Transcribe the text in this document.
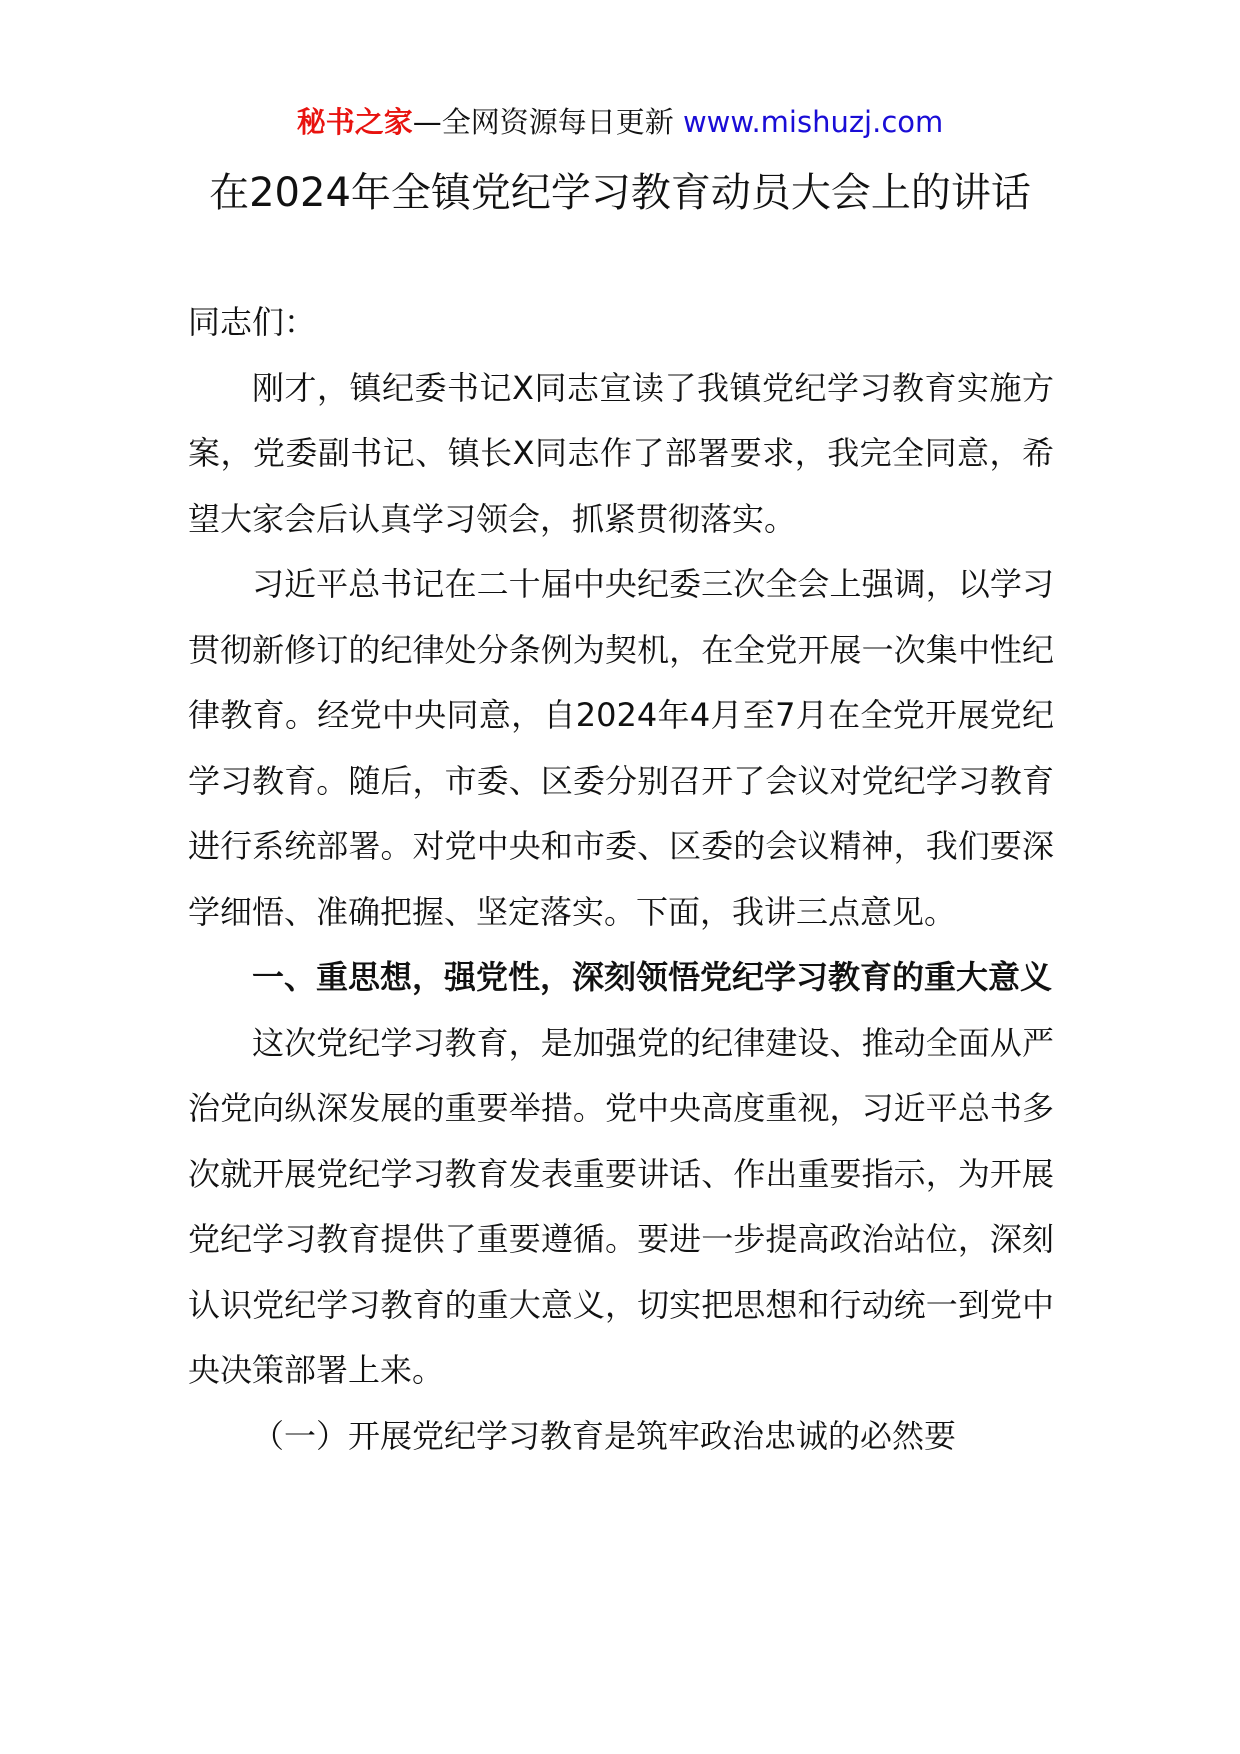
秘书之家—全网资源每日更新 www.mishuzj.com
在2024年全镇党纪学习教育动员大会上的讲话

同志们：

刚才，镇纪委书记X同志宣读了我镇党纪学习教育实施方案，党委副书记、镇长X同志作了部署要求，我完全同意，希望大家会后认真学习领会，抓紧贯彻落实。

习近平总书记在二十届中央纪委三次全会上强调，以学习贯彻新修订的纪律处分条例为契机，在全党开展一次集中性纪律教育。经党中央同意，自2024年4月至7月在全党开展党纪学习教育。随后，市委、区委分别召开了会议对党纪学习教育进行系统部署。对党中央和市委、区委的会议精神，我们要深学细悟、准确把握、坚定落实。下面，我讲三点意见。

一、重思想，强党性，深刻领悟党纪学习教育的重大意义

这次党纪学习教育，是加强党的纪律建设、推动全面从严治党向纵深发展的重要举措。党中央高度重视，习近平总书多次就开展党纪学习教育发表重要讲话、作出重要指示，为开展党纪学习教育提供了重要遵循。要进一步提高政治站位，深刻认识党纪学习教育的重大意义，切实把思想和行动统一到党中央决策部署上来。

（一）开展党纪学习教育是筑牢政治忠诚的必然要
